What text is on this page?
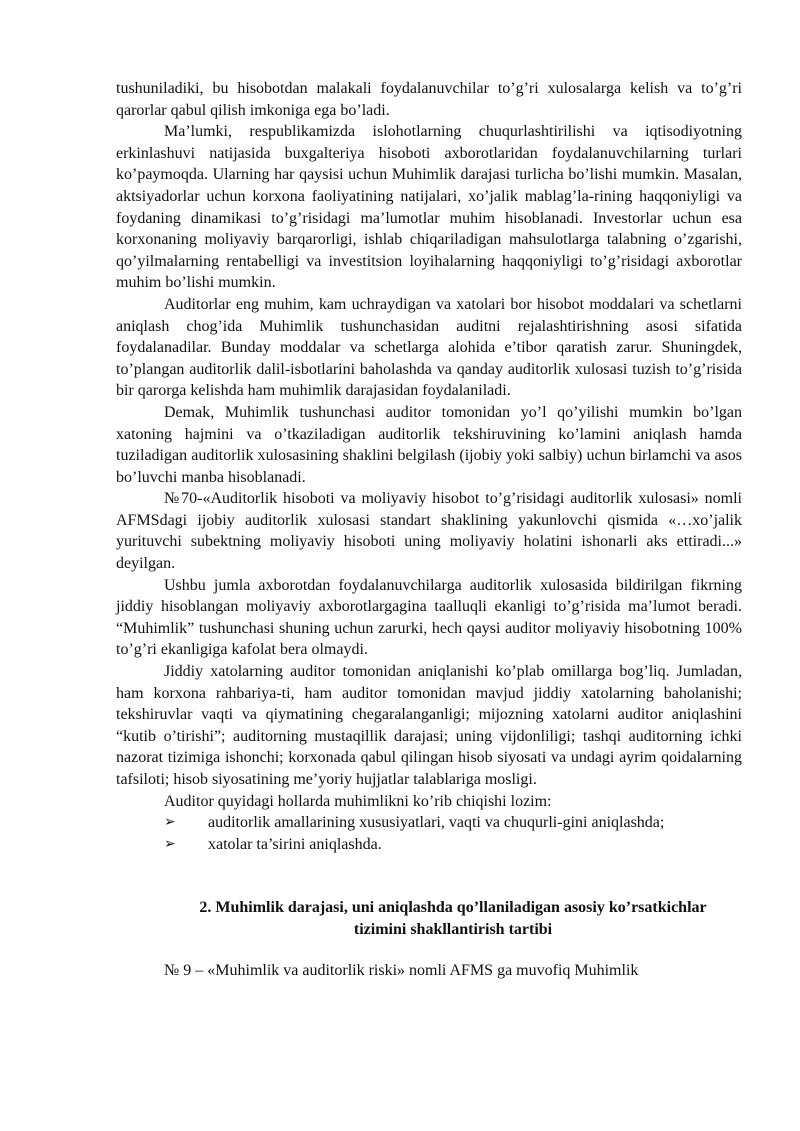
tushuniladiki, bu hisobotdan malakali foydalanuvchilar to’g’ri xulosalarga kelish va to’g’ri qarorlar qabul qilish imkoniga ega bo’ladi.

Ma’lumki, respublikamizda islohotlarning chuqurlashtirilishi va iqtisodiyotning erkinlashuvi natijasida buxgalteriya hisoboti axborotlaridan foydalanuvchilarning turlari ko’paymoqda. Ularning har qaysisi uchun Muhimlik darajasi turlicha bo’lishi mumkin. Masalan, aktsiyadorlar uchun korxona faoliyatining natijalari, xo’jalik mablag’la-rining haqqoniyligi va foydaning dinamikasi to’g’risidagi ma’lumotlar muhim hisoblanadi. Investorlar uchun esa korxonaning moliyaviy barqarorligi, ishlab chiqariladigan mahsulotlarga talabning o’zgarishi, qo’yilmalarning rentabelligi va investitsion loyihalarning haqqoniyligi to’g’risidagi axborotlar muhim bo’lishi mumkin.

Auditorlar eng muhim, kam uchraydigan va xatolari bor hisobot moddalari va schetlarni aniqlash chog’ida Muhimlik tushunchasidan auditni rejalashtirishning asosi sifatida foydalanadilar. Bunday moddalar va schetlarga alohida e’tibor qaratish zarur. Shuningdek, to’plangan auditorlik dalil-isbotlarini baholashda va qanday auditorlik xulosasi tuzish to’g’risida bir qarorga kelishda ham muhimlik darajasidan foydalaniladi.

Demak, Muhimlik tushunchasi auditor tomonidan yo’l qo’yilishi mumkin bo’lgan xatoning hajmini va o’tkaziladigan auditorlik tekshiruvining ko’lamini aniqlash hamda tuziladigan auditorlik xulosasining shaklini belgilash (ijobiy yoki salbiy) uchun birlamchi va asos bo’luvchi manba hisoblanadi.

№70-«Auditorlik hisoboti va moliyaviy hisobot to’g’risidagi auditorlik xulosasi» nomli AFMSdagi ijobiy auditorlik xulosasi standart shaklining yakunlovchi qismida «…xo’jalik yurituvchi subektning moliyaviy hisoboti uning moliyaviy holatini ishonarli aks ettiradi...» deyilgan.

Ushbu jumla axborotdan foydalanuvchilarga auditorlik xulosasida bildirilgan fikrning jiddiy hisoblangan moliyaviy axborotlargagina taalluqli ekanligi to’g’risida ma’lumot beradi. “Muhimlik” tushunchasi shuning uchun zarurki, hech qaysi auditor moliyaviy hisobotning 100% to’g’ri ekanligiga kafolat bera olmaydi.

Jiddiy xatolarning auditor tomonidan aniqlanishi ko’plab omillarga bog’liq. Jumladan, ham korxona rahbariya-ti, ham auditor tomonidan mavjud jiddiy xatolarning baholanishi; tekshiruvlar vaqti va qiymatining chegaralanganligi; mijozning xatolarni auditor aniqlashini “kutib o’tirishi”; auditorning mustaqillik darajasi; uning vijdonliligi; tashqi auditorning ichki nazorat tizimiga ishonchi; korxonada qabul qilingan hisob siyosati va undagi ayrim qoidalarning tafsiloti; hisob siyosatining me’yoriy hujjatlar talablariga mosligi.

Auditor quyidagi hollarda muhimlikni ko’rib chiqishi lozim:

➢ auditorlik amallarining xususiyatlari, vaqti va chuqurli-gini aniqlashda;
➢ xatolar ta’sirini aniqlashda.
2. Muhimlik darajasi, uni aniqlashda qo’llaniladigan asosiy ko’rsatkichlar
tizimini shakllantirish tartibi

№ 9 – «Muhimlik va auditorlik riski» nomli AFMS ga muvofiq Muhimlik
